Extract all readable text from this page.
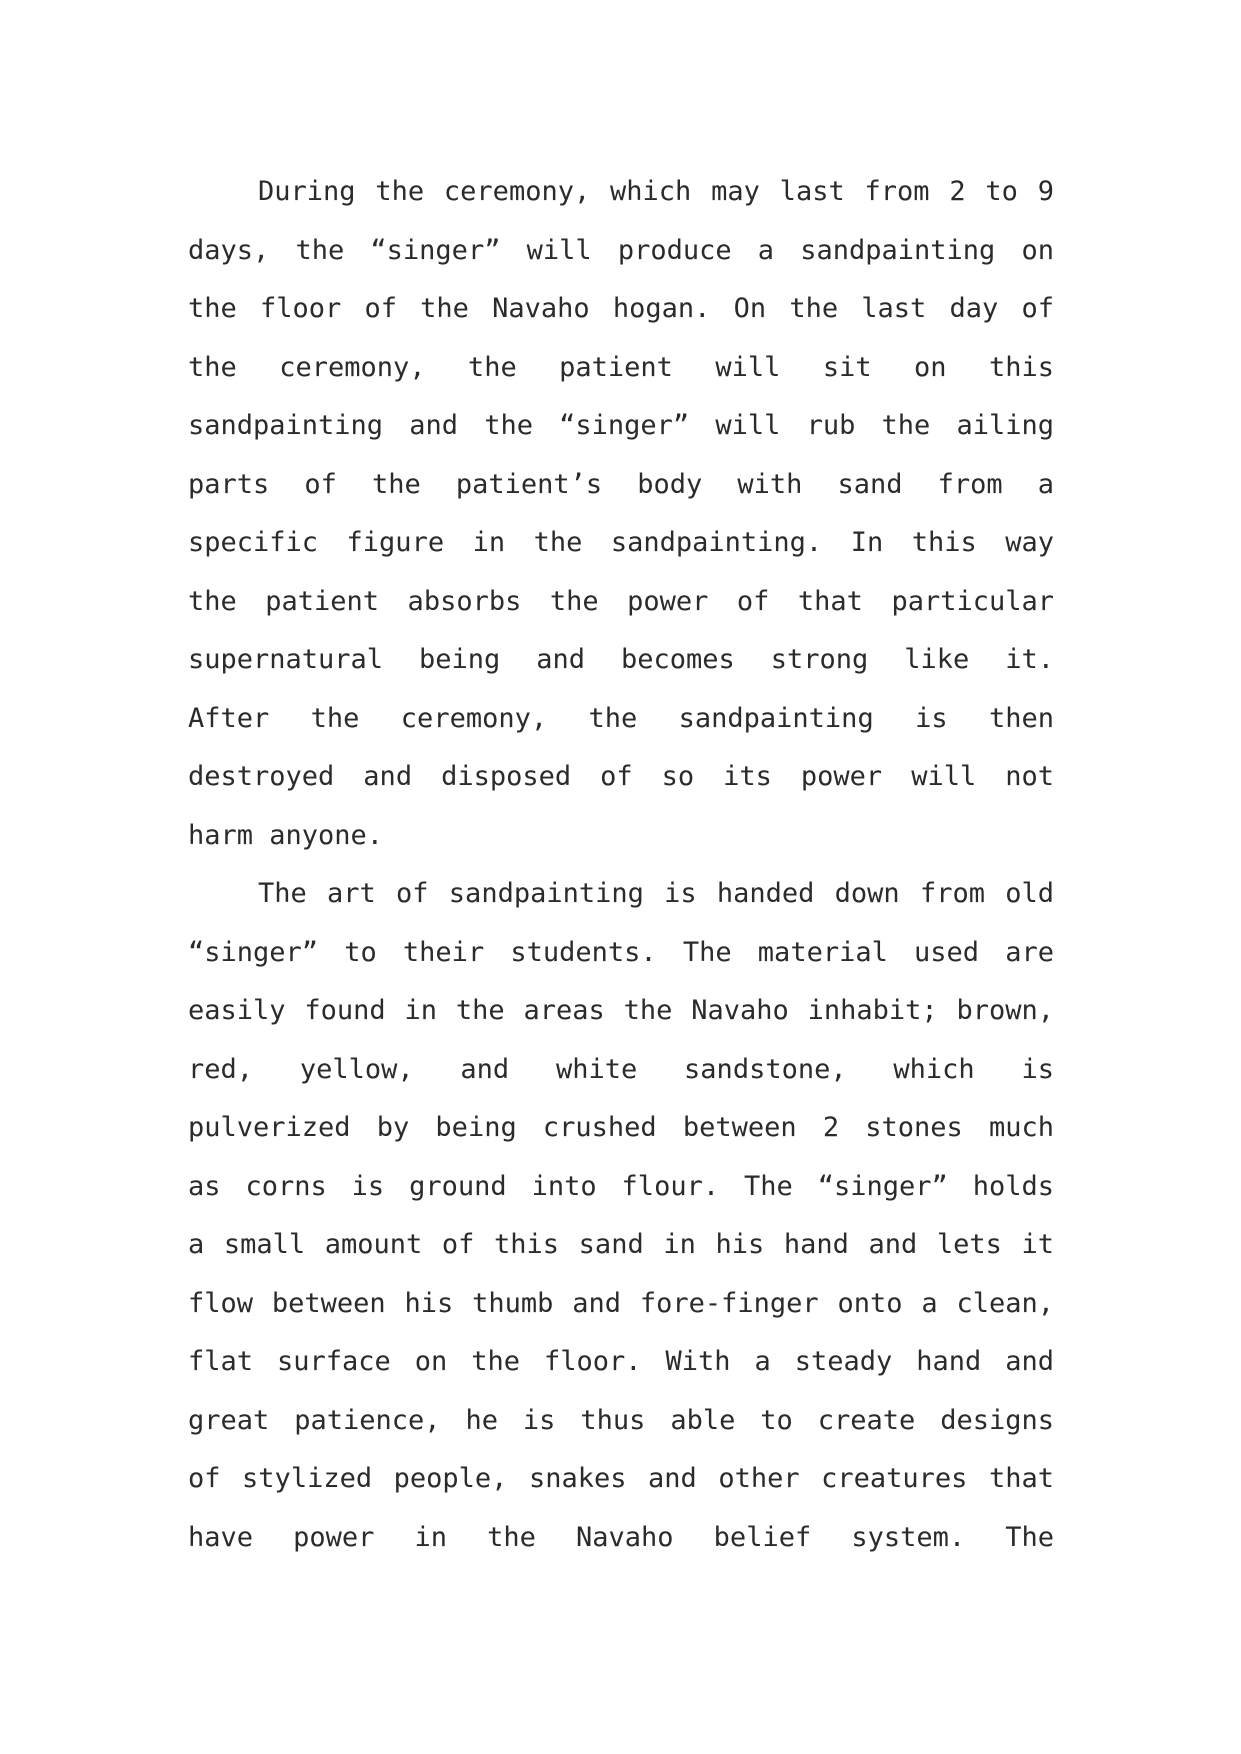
During the ceremony, which may last from 2 to 9
days, the “singer” will produce a sandpainting on
the floor of the Navaho hogan. On the last day of
the ceremony, the patient will sit on this
sandpainting and the “singer” will rub the ailing
parts of the patient’s body with sand from a
specific figure in the sandpainting. In this way
the patient absorbs the power of that particular
supernatural being and becomes strong like it.
After the ceremony, the sandpainting is then
destroyed and disposed of so its power will not
harm anyone.
The art of sandpainting is handed down from old
“singer” to their students. The material used are
easily found in the areas the Navaho inhabit; brown,
red, yellow, and white sandstone, which is
pulverized by being crushed between 2 stones much
as corns is ground into flour. The “singer” holds
a small amount of this sand in his hand and lets it
flow between his thumb and fore-finger onto a clean,
flat surface on the floor. With a steady hand and
great patience, he is thus able to create designs
of stylized people, snakes and other creatures that
have power in the Navaho belief system. The
